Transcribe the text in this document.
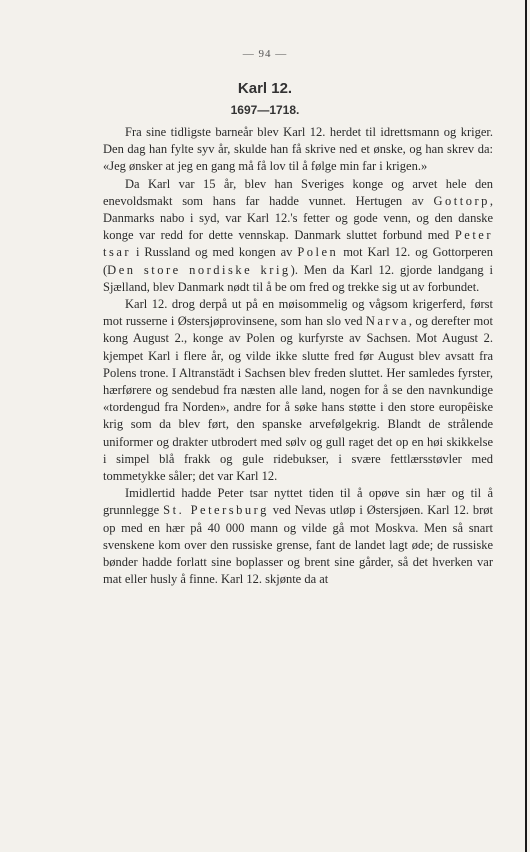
— 94 —
Karl 12.
1697—1718.

Fra sine tidligste barneår blev Karl 12. herdet til idrettsmann og kriger. Den dag han fylte syv år, skulde han få skrive ned et ønske, og han skrev da: «Jeg ønsker at jeg en gang må få lov til å følge min far i krigen.»

Da Karl var 15 år, blev han Sveriges konge og arvet hele den enevoldsmakt som hans far hadde vunnet. Hertugen av Gottorp, Danmarks nabo i syd, var Karl 12.'s fetter og gode venn, og den danske konge var redd for dette vennskap. Danmark sluttet forbund med Peter tsar i Russland og med kongen av Polen mot Karl 12. og Gottorperen (Den store nordiske krig). Men da Karl 12. gjorde landgang i Sjælland, blev Danmark nødt til å be om fred og trekke sig ut av forbundet.

Karl 12. drog derpå ut på en møisommelig og vågsom krigerferd, først mot russerne i Østersjøprovinsene, som han slo ved Narva, og derefter mot kong August 2., konge av Polen og kurfyrste av Sachsen. Mot August 2. kjempet Karl i flere år, og vilde ikke slutte fred før August blev avsatt fra Polens trone. I Altranstädt i Sachsen blev freden sluttet. Her samledes fyrster, hærførere og sendebud fra næsten alle land, nogen for å se den navnkundige «tordengud fra Norden», andre for å søke hans støtte i den store europêiske krig som da blev ført, den spanske arvefølgekrig. Blandt de strålende uniformer og drakter utbrodert med sølv og gull raget det op en høi skikkelse i simpel blå frakk og gule ridebukser, i svære fettlærsstøvler med tommetykke såler; det var Karl 12.

Imidlertid hadde Peter tsar nyttet tiden til å opøve sin hær og til å grunnlegge St. Petersburg ved Nevas utløp i Østersjøen. Karl 12. brøt op med en hær på 40 000 mann og vilde gå mot Moskva. Men så snart svenskene kom over den russiske grense, fant de landet lagt øde; de russiske bønder hadde forlatt sine boplasser og brent sine gårder, så det hverken var mat eller husly å finne. Karl 12. skjønte da at
